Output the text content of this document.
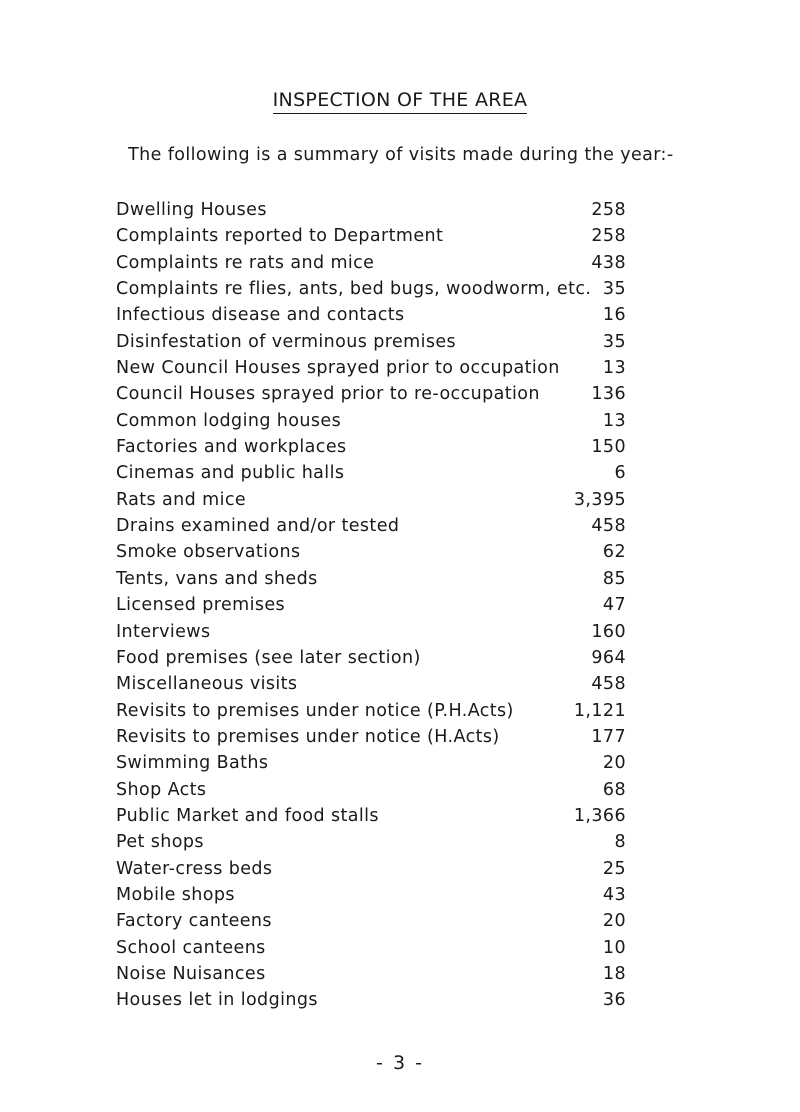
INSPECTION OF THE AREA
The following is a summary of visits made during the year:-
Dwelling Houses	258
Complaints reported to Department	258
Complaints re rats and mice	438
Complaints re flies, ants, bed bugs, woodworm, etc. 35
Infectious disease and contacts	16
Disinfestation of verminous premises	35
New Council Houses sprayed prior to occupation	13
Council Houses sprayed prior to re-occupation	136
Common lodging houses	13
Factories and workplaces	150
Cinemas and public halls	6
Rats and mice	3,395
Drains examined and/or tested	458
Smoke observations	62
Tents, vans and sheds	85
Licensed premises	47
Interviews	160
Food premises (see later section)	964
Miscellaneous visits	458
Revisits to premises under notice (P.H.Acts)	1,121
Revisits to premises under notice (H.Acts)	177
Swimming Baths	20
Shop Acts	68
Public Market and food stalls	1,366
Pet shops	8
Water-cress beds	25
Mobile shops	43
Factory canteens	20
School canteens	10
Noise Nuisances	18
Houses let in lodgings	36
- 3 -
